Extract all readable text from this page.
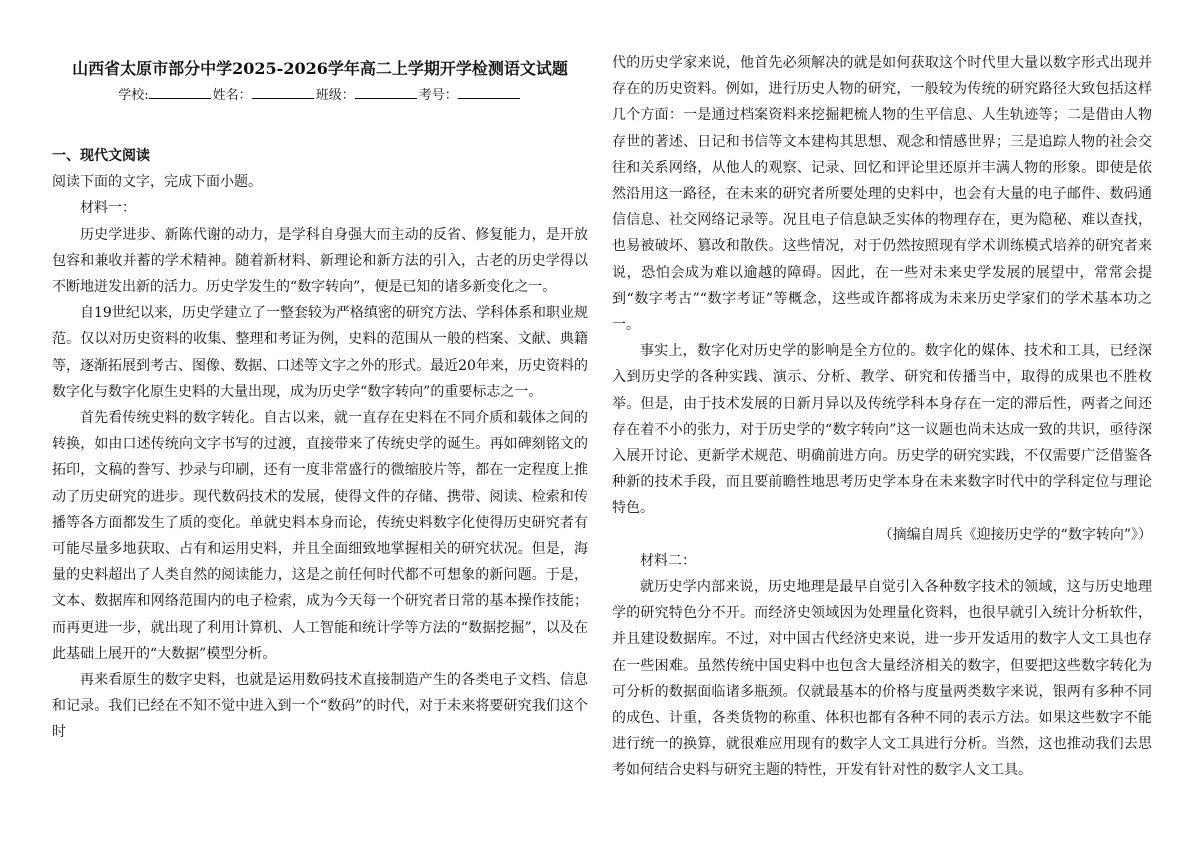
山西省太原市部分中学2025-2026学年高二上学期开学检测语文试题
学校:	姓名：	班级：	考号：
一、现代文阅读

阅读下面的文字，完成下面小题。

材料一：

历史学进步、新陈代谢的动力，是学科自身强大而主动的反省、修复能力，是开放包容和兼收并蓄的学术精神。随着新材料、新理论和新方法的引入，古老的历史学得以不断地迸发出新的活力。历史学发生的“数字转向”，便是已知的诸多新变化之一。

自19世纪以来，历史学建立了一整套较为严格缜密的研究方法、学科体系和职业规范。仅以对历史资料的收集、整理和考证为例，史料的范围从一般的档案、文献、典籍等，逐渐拓展到考古、图像、数据、口述等文字之外的形式。最近20年来，历史资料的数字化与数字化原生史料的大量出现，成为历史学“数字转向”的重要标志之一。

首先看传统史料的数字转化。自古以来，就一直存在史料在不同介质和载体之间的转换，如由口述传统向文字书写的过渡，直接带来了传统史学的诞生。再如碑刻铭文的拓印，文稿的誊写、抄录与印刷，还有一度非常盛行的微缩胶片等，都在一定程度上推动了历史研究的进步。现代数码技术的发展，使得文件的存储、携带、阅读、检索和传播等各方面都发生了质的变化。单就史料本身而论，传统史料数字化使得历史研究者有可能尽量多地获取、占有和运用史料，并且全面细致地掌握相关的研究状况。但是，海量的史料超出了人类自然的阅读能力，这是之前任何时代都不可想象的新问题。于是，文本、数据库和网络范围内的电子检索，成为今天每一个研究者日常的基本操作技能；而再更进一步，就出现了利用计算机、人工智能和统计学等方法的“数据挖掘”，以及在此基础上展开的“大数据”模型分析。

再来看原生的数字史料，也就是运用数码技术直接制造产生的各类电子文档、信息和记录。我们已经在不知不觉中进入到一个“数码”的时代，对于未来将要研究我们这个时

代的历史学家来说，他首先必须解决的就是如何获取这个时代里大量以数字形式出现并存在的历史资料。例如，进行历史人物的研究，一般较为传统的研究路径大致包括这样几个方面：一是通过档案资料来挖掘耙梳人物的生平信息、人生轨迹等；二是借由人物存世的著述、日记和书信等文本建构其思想、观念和情感世界；三是追踪人物的社会交往和关系网络，从他人的观察、记录、回忆和评论里还原并丰满人物的形象。即使是依然沿用这一路径，在未来的研究者所要处理的史料中，也会有大量的电子邮件、数码通信信息、社交网络记录等。况且电子信息缺乏实体的物理存在，更为隐秘、难以查找，也易被破坏、篡改和散佚。这些情况，对于仍然按照现有学术训练模式培养的研究者来说，恐怕会成为难以逾越的障碍。因此，在一些对未来史学发展的展望中，常常会提到“数字考古”“数字考证”等概念，这些或许都将成为未来历史学家们的学术基本功之一。

事实上，数字化对历史学的影响是全方位的。数字化的媒体、技术和工具，已经深入到历史学的各种实践、演示、分析、教学、研究和传播当中，取得的成果也不胜枚举。但是，由于技术发展的日新月异以及传统学科本身存在一定的滞后性，两者之间还存在着不小的张力，对于历史学的“数字转向”这一议题也尚未达成一致的共识，亟待深入展开讨论、更新学术规范、明确前进方向。历史学的研究实践，不仅需要广泛借鉴各种新的技术手段，而且要前瞻性地思考历史学本身在未来数字时代中的学科定位与理论特色。

（摘编自周兵《迎接历史学的“数字转向”》）

材料二：

就历史学内部来说，历史地理是最早自觉引入各种数字技术的领域，这与历史地理学的研究特色分不开。而经济史领域因为处理量化资料，也很早就引入统计分析软件，并且建设数据库。不过，对中国古代经济史来说，进一步开发适用的数字人文工具也存在一些困难。虽然传统中国史料中也包含大量经济相关的数字，但要把这些数字转化为可分析的数据面临诸多瓶颈。仅就最基本的价格与度量两类数字来说，银两有多种不同的成色、计重，各类货物的称重、体积也都有各种不同的表示方法。如果这些数字不能进行统一的换算，就很难应用现有的数字人文工具进行分析。当然，这也推动我们去思考如何结合史料与研究主题的特性，开发有针对性的数字人文工具。
